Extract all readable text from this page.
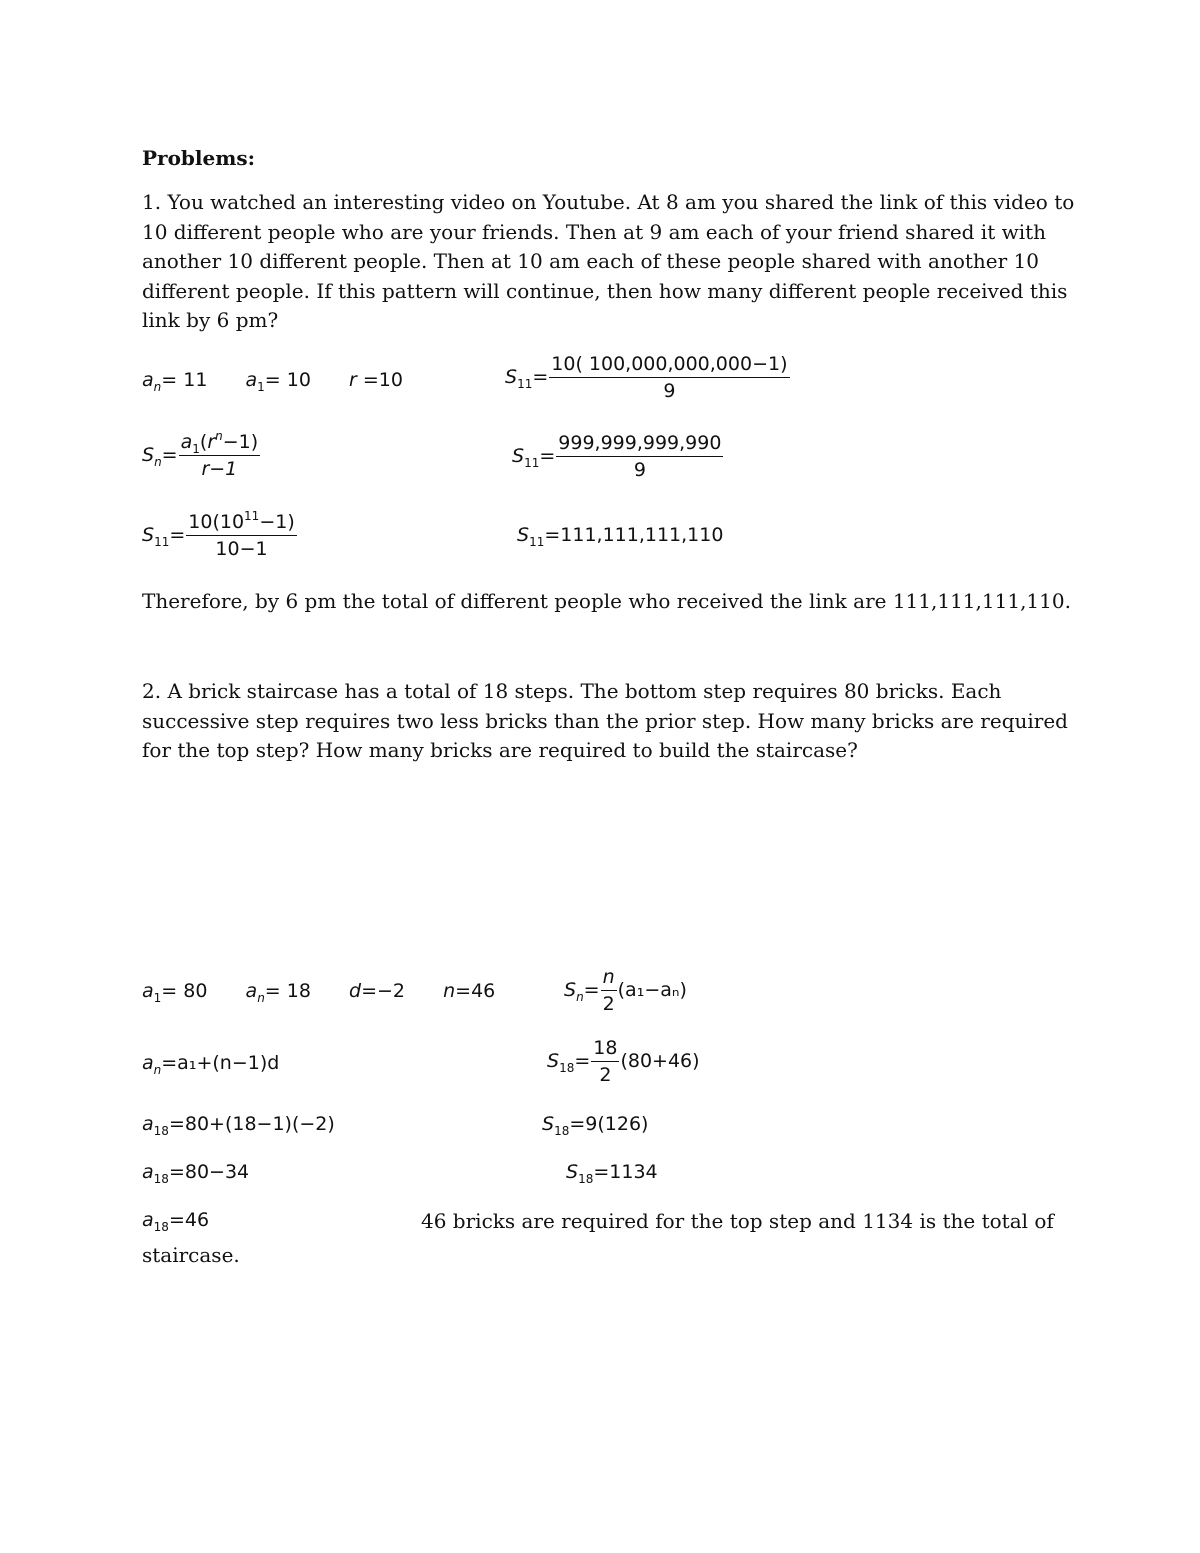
Problems:
1. You watched an interesting video on Youtube. At 8 am you shared the link of this video to
10 different people who are your friends. Then at 9 am each of your friend shared it with
another 10 different people. Then at 10 am each of these people shared with another 10
different people. If this pattern will continue, then how many different people received this
link by 6 pm?
$a_n= 11$ $a_1= 10$ r =10
$S_n= \frac{a_1(r^n-1)}{r-1}$
$S_{11}= \frac{10(10^{11}-1)}{10-1}$
$S_{11}= \frac{10( 100,000,000,000-1)}{9}$
$S_{11}= \frac{999,999,999,990}{9}$
$S_{11}=111,111,111,110$
Therefore, by 6 pm the total of different people who received the link are 111,111,111,110.
2. A brick staircase has a total of 18 steps. The bottom step requires 80 bricks. Each
successive step requires two less bricks than the prior step. How many bricks are required
for the top step? How many bricks are required to build the staircase?
$a_1= 80$ $a_n= 18$ d=−2 n=46
$a_n=a_1+(n-1)d$
$a_{18}=80+(18-1)(-2)$
$a_{18}=80-34$
$a_{18}=46$
$S_n= \frac{n}{2} (a_1-a_n)$
$S_{18}= \frac{18}{2} (80+46)$
$S_{18}=9(126)$
$S_{18}=1134$
46 bricks are required for the top step and 1134 is the total of
staircase.
